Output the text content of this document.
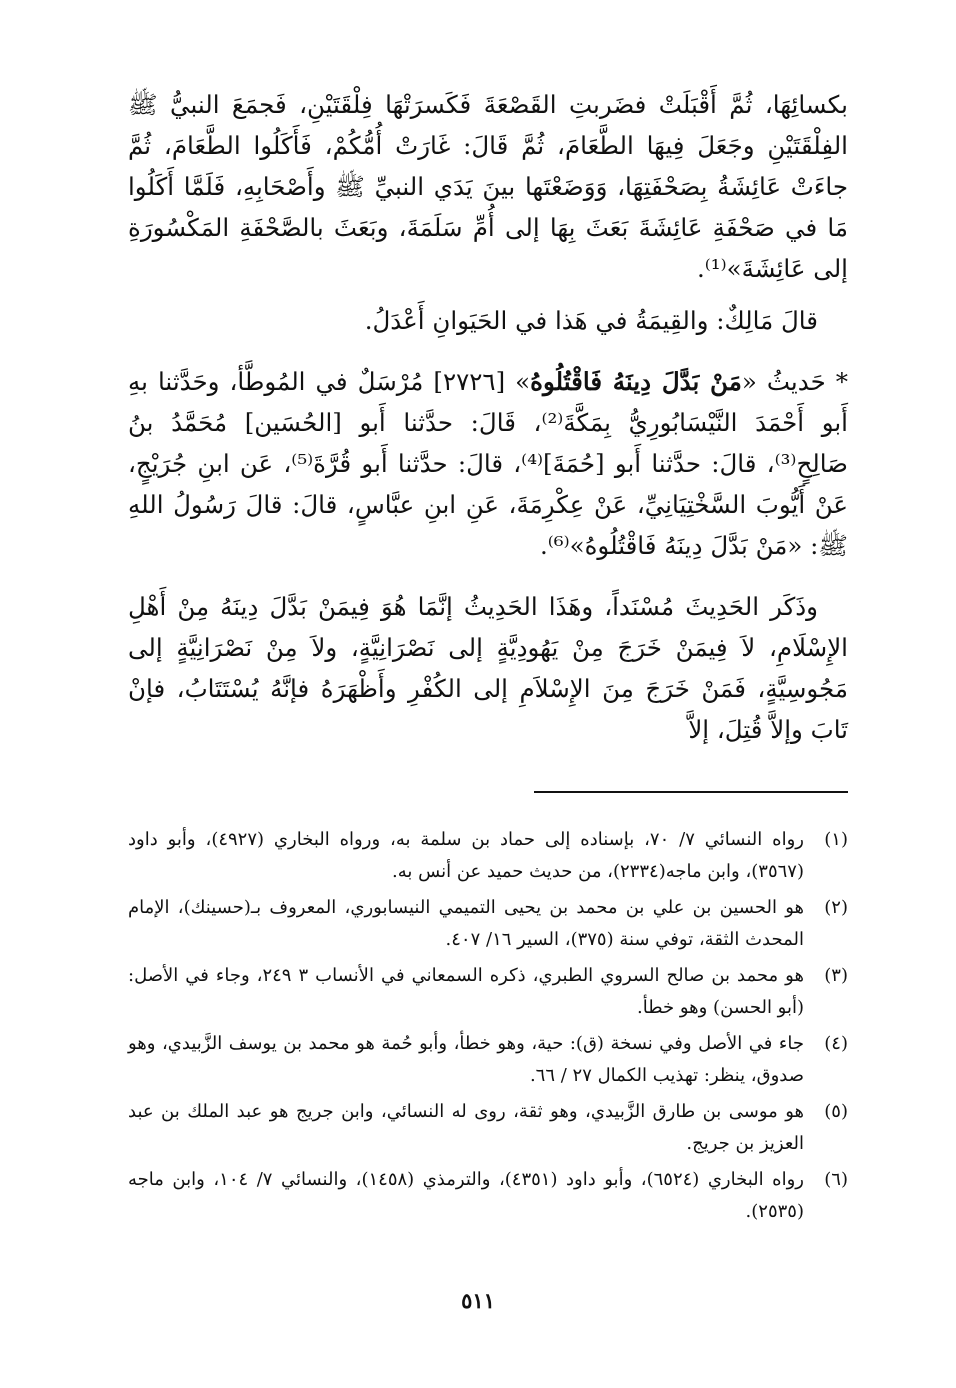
بكسائِهَا، ثُمَّ أَقْبَلَتْ فضَربتِ القَصْعَةَ فَكَسرَتْهَا فِلْقَتَيْنِ، فَجمَعَ النبيُّ ﷺ الفِلْقَتَيْنِ وجَعَلَ فِيهَا الطَّعَامَ، ثُمَّ قَالَ: غَارَتْ أُمُّكُمْ، فَأَكَلُوا الطَّعَامَ، ثُمَّ جاءَتْ عَائِشَةُ بِصَحْفَتِهَا، وَوَضَعْتَها بينَ يَدَي النبيِّ ﷺ وأَصْحَابِهِ، فَلَمَّا أَكَلُوا مَا في صَحْفَةِ عَائِشَةَ بَعَثَ بِهَا إلى أُمِّ سَلَمَةَ، وبَعَثَ بالصَّحْفَةِ المَكْسُورَةِ إلى عَائِشَةَ»⁽¹⁾.

قالَ مَالِكٌ: والقِيمَةُ في هَذا في الحَيَوانِ أَعْدَلُ.

* حَديثُ «مَنْ بَدَّلَ دِينَهُ فَاقْتُلُوهُ» [٢٧٢٦] مُرْسَلٌ في المُوطَّأ، وحَدَّثنا بهِ أَبو أَحْمَدَ النَّيْسَابُورِيُّ بِمَكَّةَ⁽²⁾، قَالَ: حدَّثنا أَبو [الحُسَين] مُحَمَّدُ بنُ صَالِحٍ⁽³⁾، قالَ: حدَّثنا أَبو [حُمَةَ]⁽⁴⁾، قالَ: حدَّثنا أَبو قُرَّةَ⁽⁵⁾، عَن ابنِ جُرَيْجٍ، عَنْ أَيُّوبَ السَّخْتِيَانِيِّ، عَنْ عِكْرِمَةَ، عَنِ ابنِ عبَّاسٍ، قالَ: قالَ رَسُولُ اللهِ ﷺ: «مَنْ بَدَّلَ دِينَهُ فَاقْتُلُوهُ»⁽⁶⁾.

وذَكَر الحَدِيثَ مُسْنَداً، وهَذَا الحَدِيثُ إنَّمَا هُوَ فِيمَنْ بَدَّلَ دِينَهُ مِنْ أَهْلِ الإِسْلَامِ، لاَ فِيمَنْ خَرَجَ مِنْ يَهُودِيَّةٍ إلى نَصْرَانِيَّةٍ، ولاَ مِنْ نَصْرَانِيَّةٍ إلى مَجُوسِيَّةٍ، فَمَنْ خَرَجَ مِنَ الإِسْلاَمِ إلى الكُفْرِ وأَظْهَرَهُ فإنَّهُ يُسْتَتَابُ، فإنْ تَابَ وإلاَّ قُتِلَ، إلاَّ

(١)
رواه النسائي ٧/ ٧٠، بإسناده إلى حماد بن سلمة به، ورواه البخاري (٤٩٢٧)، وأبو داود (٣٥٦٧)، وابن ماجه(٢٣٣٤)، من حديث حميد عن أنس به.
(٢)
هو الحسين بن علي بن محمد بن يحيى التميمي النيسابوري، المعروف بـ(حسينك)، الإمام المحدث الثقة، توفي سنة (٣٧٥)، السير ١٦/ ٤٠٧.
(٣)
هو محمد بن صالح السروي الطبري، ذكره السمعاني في الأنساب ٣ ٢٤٩، وجاء في الأصل: (أبو الحسن) وهو خطأ.
(٤)
جاء في الأصل وفي نسخة (ق): حية، وهو خطأ، وأبو حُمة هو محمد بن يوسف الزَّبيدي، وهو صدوق، ينظر: تهذيب الكمال ٢٧ / ٦٦.
(٥)
هو موسى بن طارق الزَّبيدي، وهو ثقة، روى له النسائي، وابن جريج هو عبد الملك بن عبد العزيز بن جريج.
(٦)
رواه البخاري (٦٥٢٤)، وأبو داود (٤٣٥١)، والترمذي (١٤٥٨)، والنسائي ٧/ ١٠٤، وابن ماجه (٢٥٣٥).
٥١١
